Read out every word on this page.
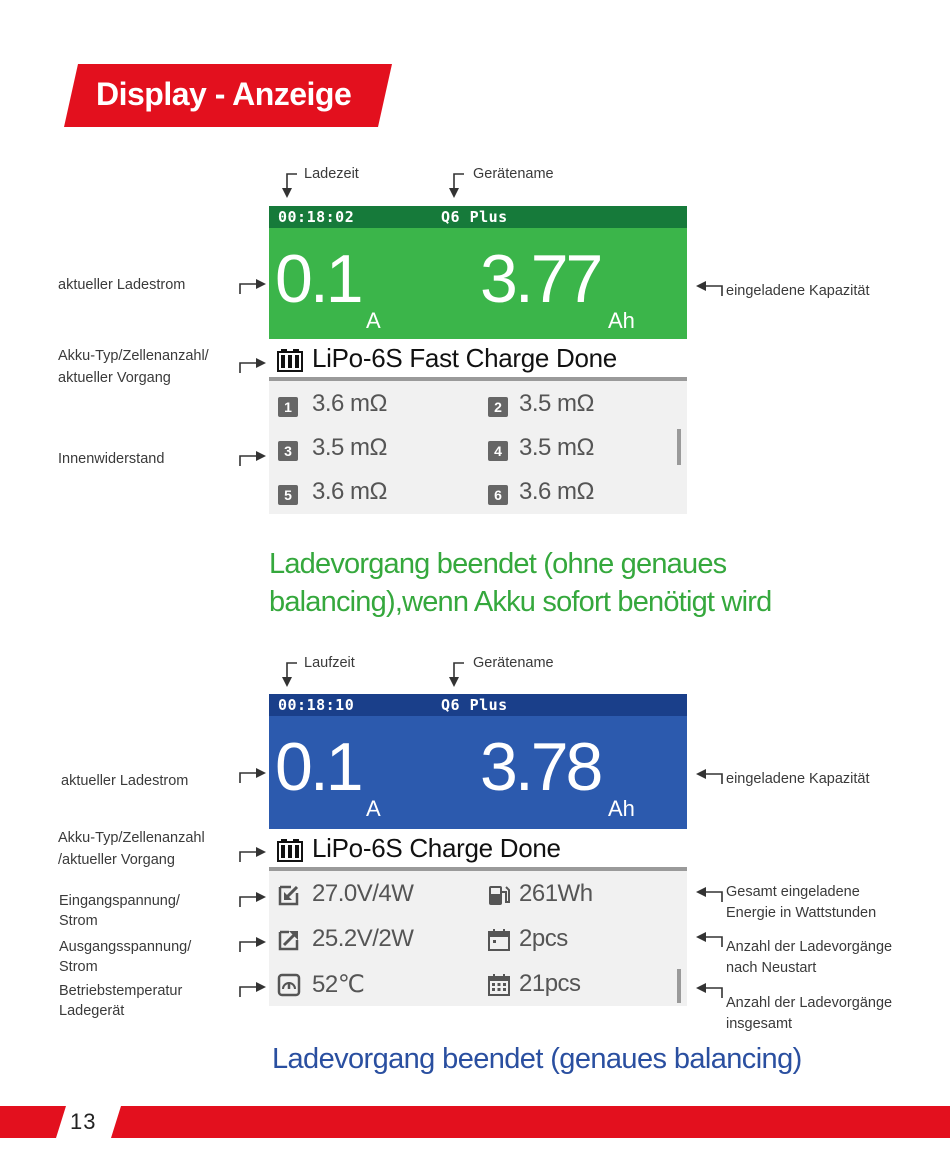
Display - Anzeige
Ladezeit	Gerätename
00:18:02	Q6 Plus
0.1
A
3.77
Ah
LiPo-6S Fast Charge Done
1 3.6 mΩ	2 3.5 mΩ
3 3.5 mΩ	4 3.5 mΩ
5 3.6 mΩ	6 3.6 mΩ
aktueller Ladestrom
Akku-Typ/Zellenanzahl/
aktueller Vorgang
Innenwiderstand
eingeladene Kapazität
Ladevorgang beendet (ohne genaues
balancing),wenn Akku sofort benötigt wird
Laufzeit	Gerätename
00:18:10	Q6 Plus
0.1
A
3.78
Ah
LiPo-6S Charge Done
27.0V/4W	261Wh
25.2V/2W	2pcs
52℃	21pcs
aktueller Ladestrom
Akku-Typ/Zellenanzahl
/aktueller Vorgang
Eingangspannung/
Strom
Ausgangsspannung/
Strom
Betriebstemperatur
Ladegerät
eingeladene Kapazität
Gesamt eingeladene
Energie in Wattstunden
Anzahl der Ladevorgänge
nach Neustart
Anzahl der Ladevorgänge
insgesamt
Ladevorgang beendet (genaues balancing)
13
